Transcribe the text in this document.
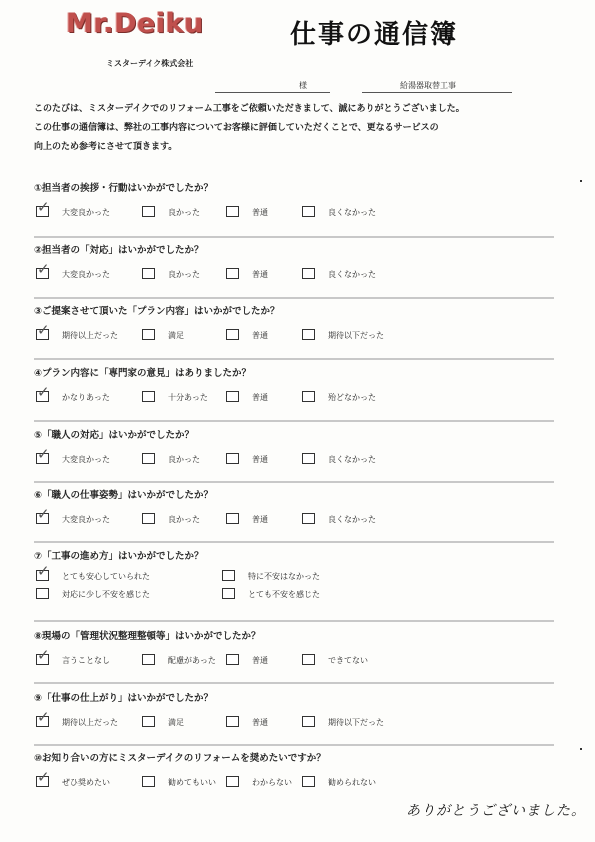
Mr.Deiku	仕事の通信簿
ミスターデイク株式会社
様	給湯器取替工事
このたびは、ミスターデイクでのリフォーム工事をご依頼いただきまして、誠にありがとうございました。
この仕事の通信簿は、弊社の工事内容についてお客様に評価していただくことで、更なるサービスの
向上のため参考にさせて頂きます。
①担当者の挨拶・行動はいかがでしたか？
✓ 大変良かった	良かった	普通	良くなかった
②担当者の「対応」はいかがでしたか？
✓ 大変良かった	良かった	普通	良くなかった
③ご提案させて頂いた「プラン内容」はいかがでしたか？
✓ 期待以上だった	満足	普通	期待以下だった
④プラン内容に「専門家の意見」はありましたか？
✓ かなりあった	十分あった	普通	殆どなかった
⑤「職人の対応」はいかがでしたか？
✓ 大変良かった	良かった	普通	良くなかった
⑥「職人の仕事姿勢」はいかがでしたか？
✓ 大変良かった	良かった	普通	良くなかった
⑦「工事の進め方」はいかがでしたか？
✓ とても安心していられた	特に不安はなかった
対応に少し不安を感じた	とても不安を感じた
⑧現場の「管理状況整理整頓等」はいかがでしたか？
✓ 言うことなし	配慮があった	普通	できてない
⑨「仕事の仕上がり」はいかがでしたか？
✓ 期待以上だった	満足	普通	期待以下だった
⑩お知り合いの方にミスターデイクのリフォームを奨めたいですか？
✓ ぜひ奨めたい	勧めてもいい	わからない	勧められない
ありがとうございました。
